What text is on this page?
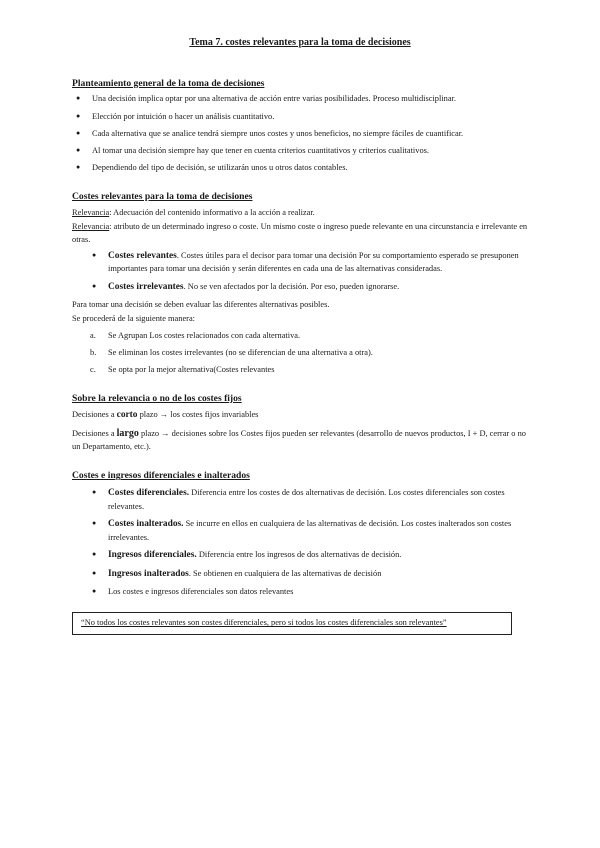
Tema 7. costes relevantes para la toma de decisiones
Planteamiento general de la toma de decisiones
● Una decisión implica optar por una alternativa de acción entre varias posibilidades. Proceso multidisciplinar.
● Elección por intuición o hacer un análisis cuantitativo.
● Cada alternativa que se analice tendrá siempre unos costes y unos beneficios, no siempre fáciles de cuantificar.
● Al tomar una decisión siempre hay que tener en cuenta criterios cuantitativos y criterios cualitativos.
● Dependiendo del tipo de decisión, se utilizarán unos u otros datos contables.
Costes relevantes para la toma de decisiones

Relevancia: Adecuación del contenido informativo a la acción a realizar.

Relevancia: atributo de un determinado ingreso o coste. Un mismo coste o ingreso puede relevante en una circunstancia e irrelevante en otras.

● Costes relevantes. Costes útiles para el decisor para tomar una decisión Por su comportamiento esperado se presuponen importantes para tomar una decisión y serán diferentes en cada una de las alternativas consideradas.
● Costes irrelevantes. No se ven afectados por la decisión. Por eso, pueden ignorarse.

Para tomar una decisión se deben evaluar las diferentes alternativas posibles.

Se procederá de la siguiente manera:

a. Se Agrupan Los costes relacionados con cada alternativa.
b. Se eliminan los costes irrelevantes (no se diferencian de una alternativa a otra).
c. Se opta por la mejor alternativa(Costes relevantes
Sobre la relevancia o no de los costes fijos

Decisiones a corto plazo → los costes fijos invariables

Decisiones a largo plazo → decisiones sobre los Costes fijos pueden ser relevantes (desarrollo de nuevos productos, I + D, cerrar o no un Departamento, etc.).

Costes e ingresos diferenciales e inalterados
● Costes diferenciales. Diferencia entre los costes de dos alternativas de decisión. Los costes diferenciales son costes relevantes.
● Costes inalterados. Se incurre en ellos en cualquiera de las alternativas de decisión. Los costes inalterados son costes irrelevantes.
● Ingresos diferenciales. Diferencia entre los ingresos de dos alternativas de decisión.
● Ingresos inalterados. Se obtienen en cualquiera de las alternativas de decisión
● Los costes e ingresos diferenciales son datos relevantes
“No todos los costes relevantes son costes diferenciales, pero si todos los costes diferenciales son relevantes”
